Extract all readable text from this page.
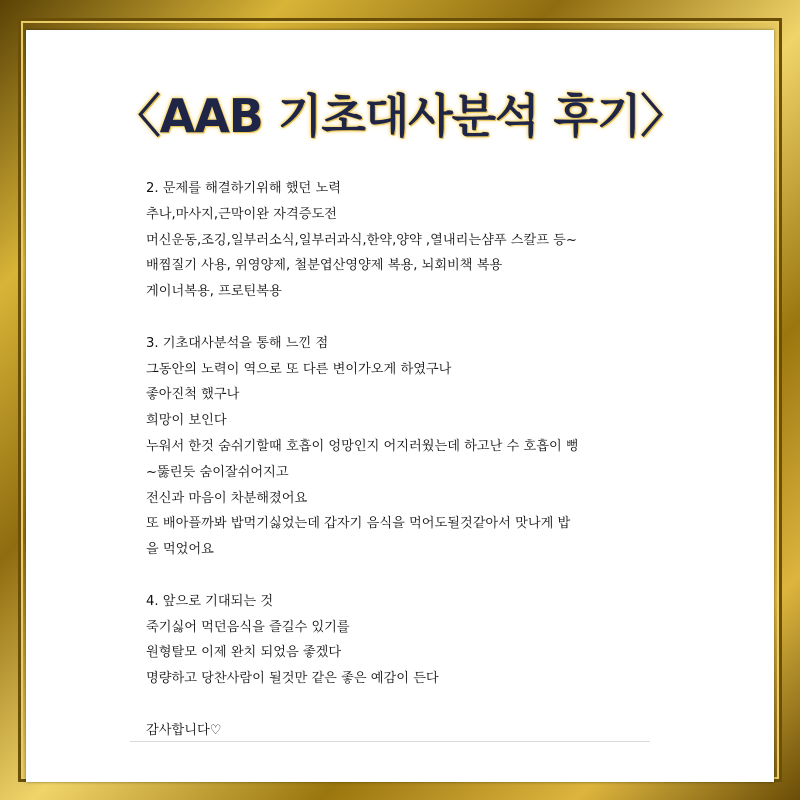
〈AAB 기초대사분석 후기〉
2. 문제를 해결하기위해 했던 노력
추나,마사지,근막이완 자격증도전
머신운동,조깅,일부러소식,일부러과식,한약,양약 ,열내리는샴푸 스칼프 등~
배찜질기 사용, 위영양제, 철분엽산영양제 복용, 뇌회비책 복용
게이너복용, 프로틴복용
3. 기초대사분석을 통해 느낀 점
그동안의 노력이 역으로 또 다른 변이가오게 하였구나
좋아진척 했구나
희망이 보인다
누워서 한것 숨쉬기할때 호흡이 엉망인지 어지러웠는데 하고난 수 호흡이 뻥
~뚫린듯 숨이잘쉬어지고
전신과 마음이 차분해졌어요
또 배아플까봐 밥먹기싫었는데 갑자기 음식을 먹어도될것같아서 맛나게 밥
을 먹었어요
4. 앞으로 기대되는 것
죽기싫어 먹던음식을 즐길수 있기를
원형탈모 이제 완치 되었음 좋겠다
명량하고 당찬사람이 될것만 같은 좋은 예감이 든다
감사합니다♡
